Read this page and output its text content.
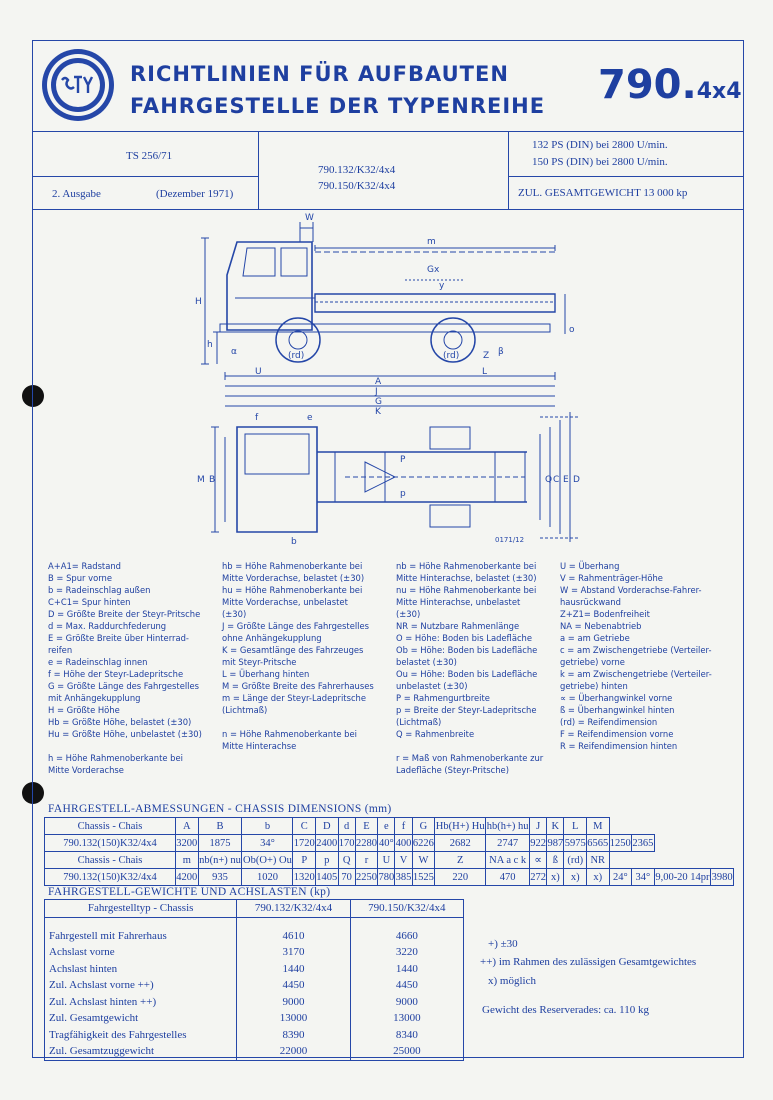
RICHTLINIEN FÜR AUFBAUTEN
FAHRGESTELLE DER TYPENREIHE 790.4x4
TS 256/71
2. Ausgabe	(Dezember 1971)
790.132/K32/4x4
790.150/K32/4x4
132 PS (DIN) bei 2800 U/min.
150 PS (DIN) bei 2800 U/min.
ZUL. GESAMTGEWICHT 13 000 kp
W
m
Gx
y
H
h
o
α	β
(rd)	(rd)	Z
U	L
A
J
G
K
e
f
M B
b
P
p
Q C E D
0171/12
A+A1= Radstand
B = Spur vorne
b = Radeinschlag außen
C+C1= Spur hinten
D = Größte Breite der Steyr-Pritsche
d = Max. Raddurchfederung
E = Größte Breite über Hinterrad-
reifen
e = Radeinschlag innen
f = Höhe der Steyr-Ladepritsche
G = Größte Länge des Fahrgestelles
mit Anhängekupplung
H = Größte Höhe
Hb = Größte Höhe, belastet (±30)
Hu = Größte Höhe, unbelastet (±30)

h = Höhe Rahmenoberkante bei
Mitte Vorderachse
hb = Höhe Rahmenoberkante bei
Mitte Vorderachse, belastet (±30)
hu = Höhe Rahmenoberkante bei
Mitte Vorderachse, unbelastet
(±30)
J = Größte Länge des Fahrgestelles
ohne Anhängekupplung
K = Gesamtlänge des Fahrzeuges
mit Steyr-Pritsche
L = Überhang hinten
M = Größte Breite des Fahrerhauses
m = Länge der Steyr-Ladepritsche
(Lichtmaß)

n = Höhe Rahmenoberkante bei
Mitte Hinterachse
nb = Höhe Rahmenoberkante bei
Mitte Hinterachse, belastet (±30)
nu = Höhe Rahmenoberkante bei
Mitte Hinterachse, unbelastet
(±30)
NR = Nutzbare Rahmenlänge
O = Höhe: Boden bis Ladefläche
Ob = Höhe: Boden bis Ladefläche
belastet (±30)
Ou = Höhe: Boden bis Ladefläche
unbelastet (±30)
P = Rahmengurtbreite
p = Breite der Steyr-Ladepritsche
(Lichtmaß)
Q = Rahmenbreite

r = Maß von Rahmenoberkante zur
Ladefläche (Steyr-Pritsche)
U = Überhang
V = Rahmenträger-Höhe
W = Abstand Vorderachse-Fahrer-
hausrückwand
Z+Z1= Bodenfreiheit
NA = Nebenabtrieb
a = am Getriebe
c = am Zwischengetriebe (Verteiler-
getriebe) vorne
k = am Zwischengetriebe (Verteiler-
getriebe) hinten
∝ = Überhangwinkel vorne
ß = Überhangwinkel hinten
(rd) = Reifendimension
F = Reifendimension vorne
R = Reifendimension hinten
FAHRGESTELL-ABMESSUNGEN - CHASSIS DIMENSIONS (mm)
Chassis - Chais	A	B	b	C	D	d	E	e	f	G	Hb(H+) Hu	hb(h+) hu	J	K	L	M				
790.132(150)K32/4x4	3200	1875	34°	1720	2400	170	2280	40°	400	6226	2682	2747	922	987	5975	6565	1250	2365		
Chassis - Chais	m	nb(n+) nu	Ob(O+) Ou	P	p	Q	r	U	V	W	Z	NA a c k	∝	ß	(rd)	NR				
790.132(150)K32/4x4	4200	935	1020	1320	1405	70	2250	780	385	1525	220	470	272	x)	x)	x)	24°	34°	9,00-20 14pr	3980
FAHRGESTELL-GEWICHTE UND ACHSLASTEN (kp)
Fahrgestelltyp - Chassis	790.132/K32/4x4	790.150/K32/4x4

Fahrgestell mit Fahrerhaus	4610	4660
Achslast vorne	3170	3220
Achslast hinten	1440	1440
Zul. Achslast vorne ++)	4450	4450
Zul. Achslast hinten ++)	9000	9000
Zul. Gesamtgewicht	13000	13000
Tragfähigkeit des Fahrgestelles	8390	8340
Zul. Gesamtzuggewicht	22000	25000
+) ±30
++) im Rahmen des zulässigen Gesamtgewichtes
x) möglich
Gewicht des Reserverades: ca. 110 kg
